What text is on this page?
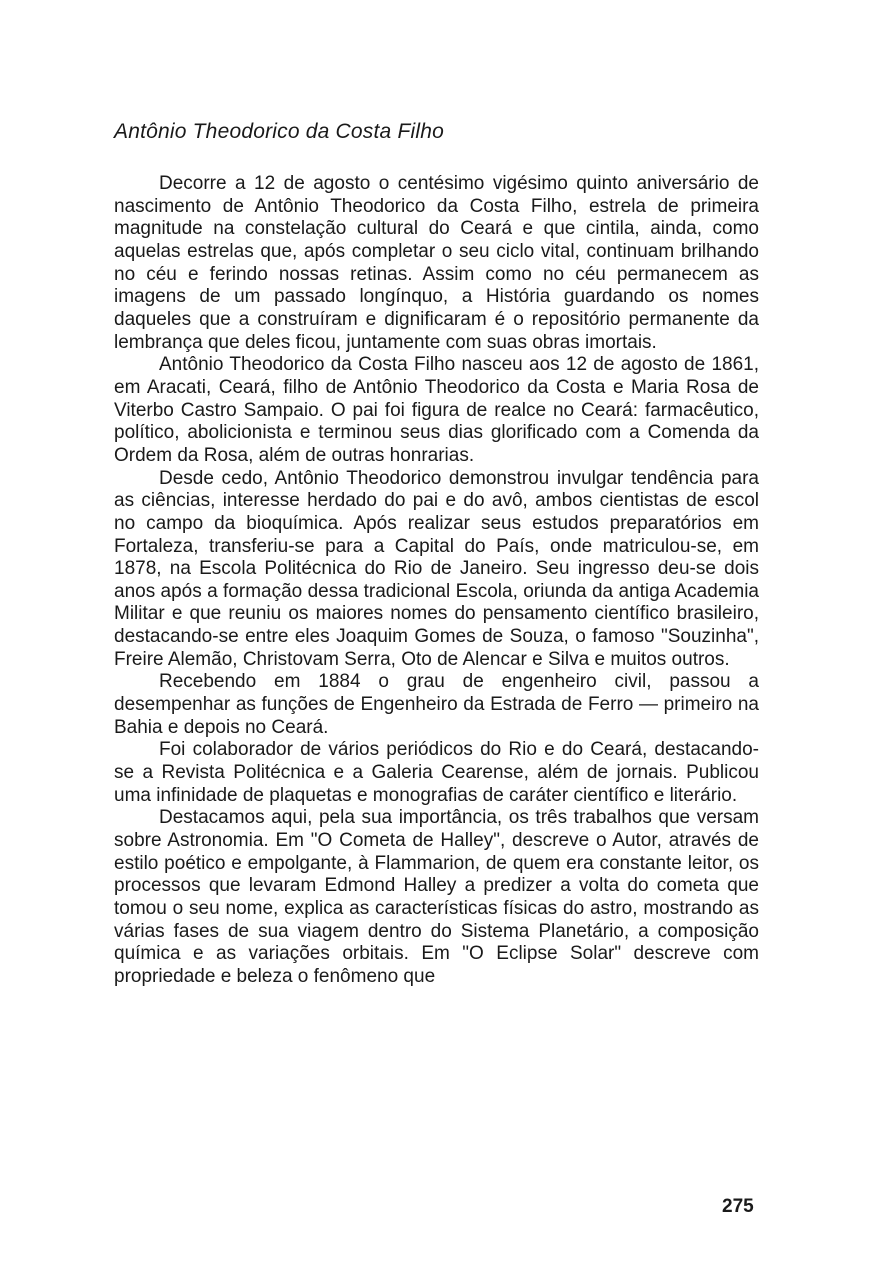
Antônio Theodorico da Costa Filho

Decorre a 12 de agosto o centésimo vigésimo quinto aniversário de nascimento de Antônio Theodorico da Costa Filho, estrela de primeira magnitude na constelação cultural do Ceará e que cintila, ainda, como aquelas estrelas que, após completar o seu ciclo vital, continuam brilhando no céu e ferindo nossas retinas. Assim como no céu permanecem as imagens de um passado longínquo, a História guardando os nomes daqueles que a construíram e dignificaram é o repositório permanente da lembrança que deles ficou, juntamente com suas obras imortais.

Antônio Theodorico da Costa Filho nasceu aos 12 de agosto de 1861, em Aracati, Ceará, filho de Antônio Theodorico da Costa e Maria Rosa de Viterbo Castro Sampaio. O pai foi figura de realce no Ceará: farmacêutico, político, abolicionista e terminou seus dias glorificado com a Comenda da Ordem da Rosa, além de outras honrarias.

Desde cedo, Antônio Theodorico demonstrou invulgar tendência para as ciências, interesse herdado do pai e do avô, ambos cientistas de escol no campo da bioquímica. Após realizar seus estudos preparatórios em Fortaleza, transferiu-se para a Capital do País, onde matriculou-se, em 1878, na Escola Politécnica do Rio de Janeiro. Seu ingresso deu-se dois anos após a formação dessa tradicional Escola, oriunda da antiga Academia Militar e que reuniu os maiores nomes do pensamento científico brasileiro, destacando-se entre eles Joaquim Gomes de Souza, o famoso "Souzinha", Freire Alemão, Christovam Serra, Oto de Alencar e Silva e muitos outros.

Recebendo em 1884 o grau de engenheiro civil, passou a desempenhar as funções de Engenheiro da Estrada de Ferro — primeiro na Bahia e depois no Ceará.

Foi colaborador de vários periódicos do Rio e do Ceará, destacando-se a Revista Politécnica e a Galeria Cearense, além de jornais. Publicou uma infinidade de plaquetas e monografias de caráter científico e literário.

Destacamos aqui, pela sua importância, os três trabalhos que versam sobre Astronomia. Em "O Cometa de Halley", descreve o Autor, através de estilo poético e empolgante, à Flammarion, de quem era constante leitor, os processos que levaram Edmond Halley a predizer a volta do cometa que tomou o seu nome, explica as características físicas do astro, mostrando as várias fases de sua viagem dentro do Sistema Planetário, a composição química e as variações orbitais. Em "O Eclipse Solar" descreve com propriedade e beleza o fenômeno que

275
